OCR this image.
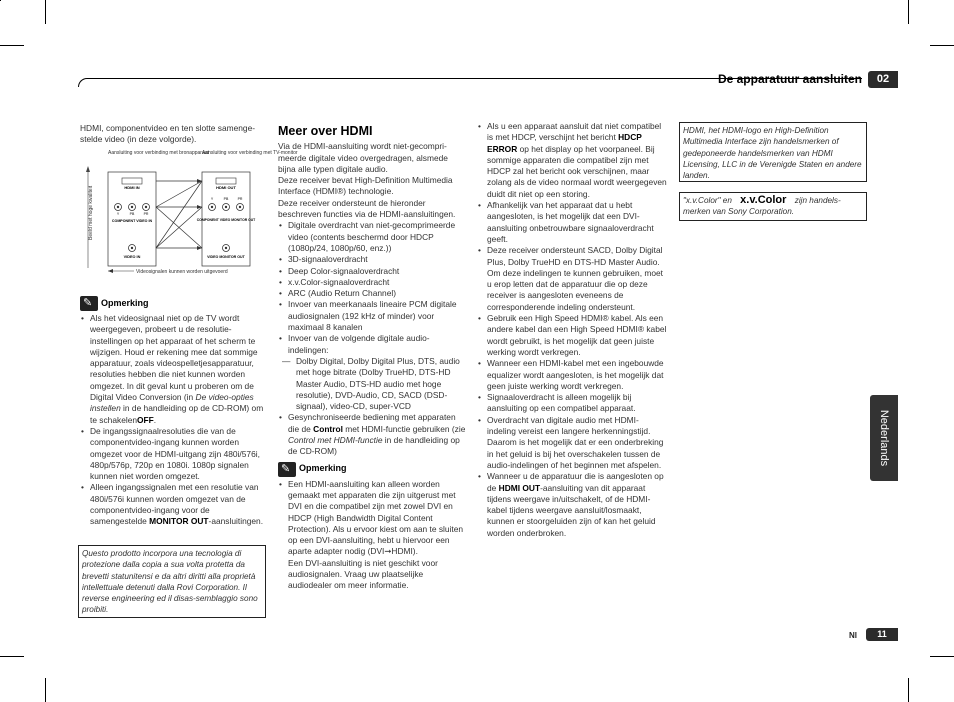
De apparatuur aansluiten	02
Nederlands
Nl	11

HDMI, componentvideo en ten slotte samenge-stelde video (in deze volgorde).

Aansluiting voor verbinding met bronapparaat
Aansluiting voor verbinding met TV-monitor
Beeld met hoge kwaliteit	HDMI IN
Y	PB	PR
COMPONENT VIDEO IN
VIDEO IN
HDMI OUT
Y	PB	PR
COMPONENT VIDEO MONITOR OUT
VIDEO MONITOR OUT
Videosignalen kunnen worden uitgevoerd
✎
Opmerking

• Als het videosignaal niet op de TV wordt weergegeven, probeert u de resolutie-instellingen op het apparaat of het scherm te wijzigen. Houd er rekening mee dat sommige apparatuur, zoals videospelletjesapparatuur, resoluties hebben die niet kunnen worden omgezet. In dit geval kunt u proberen om de Digital Video Conversion (in De video-opties instellen in de handleiding op de CD-ROM) om te schakelenOFF.

• De ingangssignaalresoluties die van de componentvideo-ingang kunnen worden omgezet voor de HDMI-uitgang zijn 480i/576i, 480p/576p, 720p en 1080i. 1080p signalen kunnen niet worden omgezet.

• Alleen ingangssignalen met een resolutie van 480i/576i kunnen worden omgezet van de componentvideo-ingang voor de samengestelde MONITOR OUT-aansluitingen.

Questo prodotto incorpora una tecnologia di protezione dalla copia a sua volta protetta da brevetti statunitensi e da altri diritti alla proprietà intellettuale detenuti dalla Rovi Corporation. Il reverse engineering ed il disas-semblaggio sono proibiti.
Meer over HDMI

Via de HDMI-aansluiting wordt niet-gecompri-meerde digitale video overgedragen, alsmede bijna alle typen digitale audio.

Deze receiver bevat High-Definition Multimedia Interface (HDMI®) technologie.

Deze receiver ondersteunt de hieronder beschreven functies via de HDMI-aansluitingen.

• Digitale overdracht van niet-gecomprimeerde video (contents beschermd door HDCP (1080p/24, 1080p/60, enz.))

• 3D-signaaloverdracht

• Deep Color-signaaloverdracht

• x.v.Color-signaaloverdracht

• ARC (Audio Return Channel)

• Invoer van meerkanaals lineaire PCM digitale audiosignalen (192 kHz of minder) voor maximaal 8 kanalen

• Invoer van de volgende digitale audio-indelingen:

— Dolby Digital, Dolby Digital Plus, DTS, audio met hoge bitrate (Dolby TrueHD, DTS-HD Master Audio, DTS-HD audio met hoge resolutie), DVD-Audio, CD, SACD (DSD-signaal), video-CD, super-VCD

• Gesynchroniseerde bediening met apparaten die de Control met HDMI-functie gebruiken (zie Control met HDMI-functie in de handleiding op de CD-ROM)

✎
Opmerking

• Een HDMI-aansluiting kan alleen worden gemaakt met apparaten die zijn uitgerust met DVI en die compatibel zijn met zowel DVI en HDCP (High Bandwidth Digital Content Protection). Als u ervoor kiest om aan te sluiten op een DVI-aansluiting, hebt u hiervoor een aparte adapter nodig (DVI➞HDMI).

Een DVI-aansluiting is niet geschikt voor audiosignalen. Vraag uw plaatselijke audiodealer om meer informatie.

• Als u een apparaat aansluit dat niet compatibel is met HDCP, verschijnt het bericht HDCP ERROR op het display op het voorpaneel. Bij sommige apparaten die compatibel zijn met HDCP zal het bericht ook verschijnen, maar zolang als de video normaal wordt weergegeven duidt dit niet op een storing.

• Afhankelijk van het apparaat dat u hebt aangesloten, is het mogelijk dat een DVI-aansluiting onbetrouwbare signaaloverdracht geeft.

• Deze receiver ondersteunt SACD, Dolby Digital Plus, Dolby TrueHD en DTS-HD Master Audio. Om deze indelingen te kunnen gebruiken, moet u erop letten dat de apparatuur die op deze receiver is aangesloten eveneens de corresponderende indeling ondersteunt.

• Gebruik een High Speed HDMI® kabel. Als een andere kabel dan een High Speed HDMI® kabel wordt gebruikt, is het mogelijk dat geen juiste werking wordt verkregen.

• Wanneer een HDMI-kabel met een ingebouwde equalizer wordt aangesloten, is het mogelijk dat geen juiste werking wordt verkregen.

• Signaaloverdracht is alleen mogelijk bij aansluiting op een compatibel apparaat.

• Overdracht van digitale audio met HDMI-indeling vereist een langere herkenningstijd. Daarom is het mogelijk dat er een onderbreking in het geluid is bij het overschakelen tussen de audio-indelingen of het beginnen met afspelen.

• Wanneer u de apparatuur die is aangesloten op de HDMI OUT-aansluiting van dit apparaat tijdens weergave in/uitschakelt, of de HDMI-kabel tijdens weergave aansluit/losmaakt, kunnen er stoorgeluiden zijn of kan het geluid worden onderbroken.

HDMI, het HDMI-logo en High-Definition Multimedia Interface zijn handelsmerken of gedeponeerde handelsmerken van HDMI Licensing, LLC in de Verenigde Staten en andere landen.
"x.v.Color" en x.v.Color zijn handels-merken van Sony Corporation.
